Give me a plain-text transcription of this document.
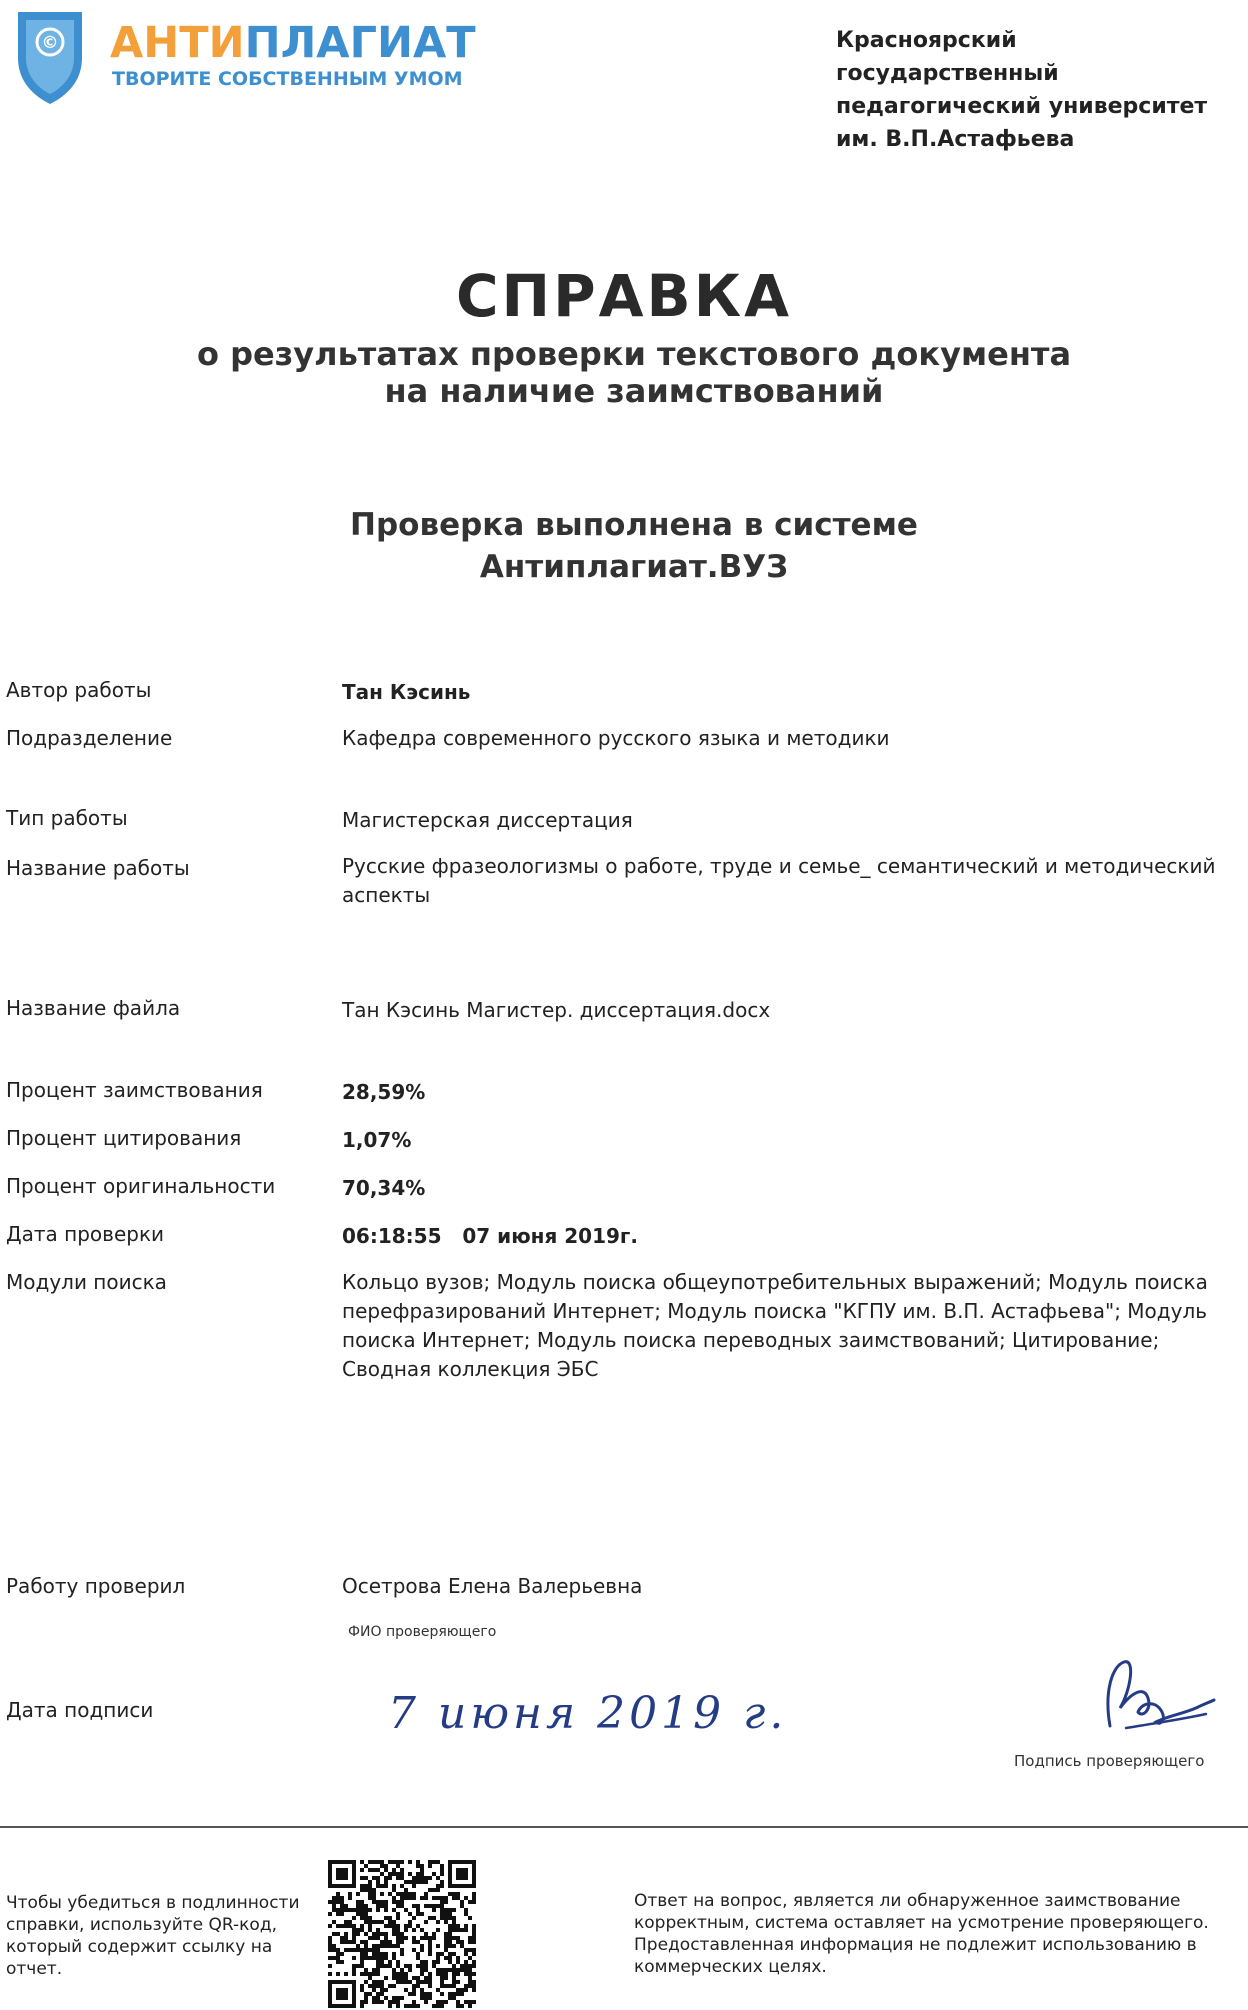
© АНТИПЛАГИАТ
ТВОРИТЕ СОБСТВЕННЫМ УМОМ
Красноярский государственный педагогический университет им. В.П.Астафьева
СПРАВКА
о результатах проверки текстового документа
на наличие заимствований
Проверка выполнена в системе
Антиплагиат.ВУЗ
Автор работы	Тан Кэсинь
Подразделение	Кафедра современного русского языка и методики
Тип работы	Магистерская диссертация
Название работы	Русские фразеологизмы о работе, труде и семье_ семантический и методический аспекты
Название файла	Тан Кэсинь Магистер. диссертация.docx
Процент заимствования	28,59%
Процент цитирования	1,07%
Процент оригинальности	70,34%
Дата проверки	06:18:55   07 июня 2019г.
Модули поиска	Кольцо вузов; Модуль поиска общеупотребительных выражений; Модуль поиска перефразирований Интернет; Модуль поиска "КГПУ им. В.П. Астафьева"; Модуль поиска Интернет; Модуль поиска переводных заимствований; Цитирование; Сводная коллекция ЭБС
Работу проверил	Осетрова Елена Валерьевна
ФИО проверяющего
Дата подписи	7 июня 2019 г.
Подпись проверяющего
Чтобы убедиться в подлинности справки, используйте QR-код, который содержит ссылку на отчет.
Ответ на вопрос, является ли обнаруженное заимствование корректным, система оставляет на усмотрение проверяющего. Предоставленная информация не подлежит использованию в коммерческих целях.
